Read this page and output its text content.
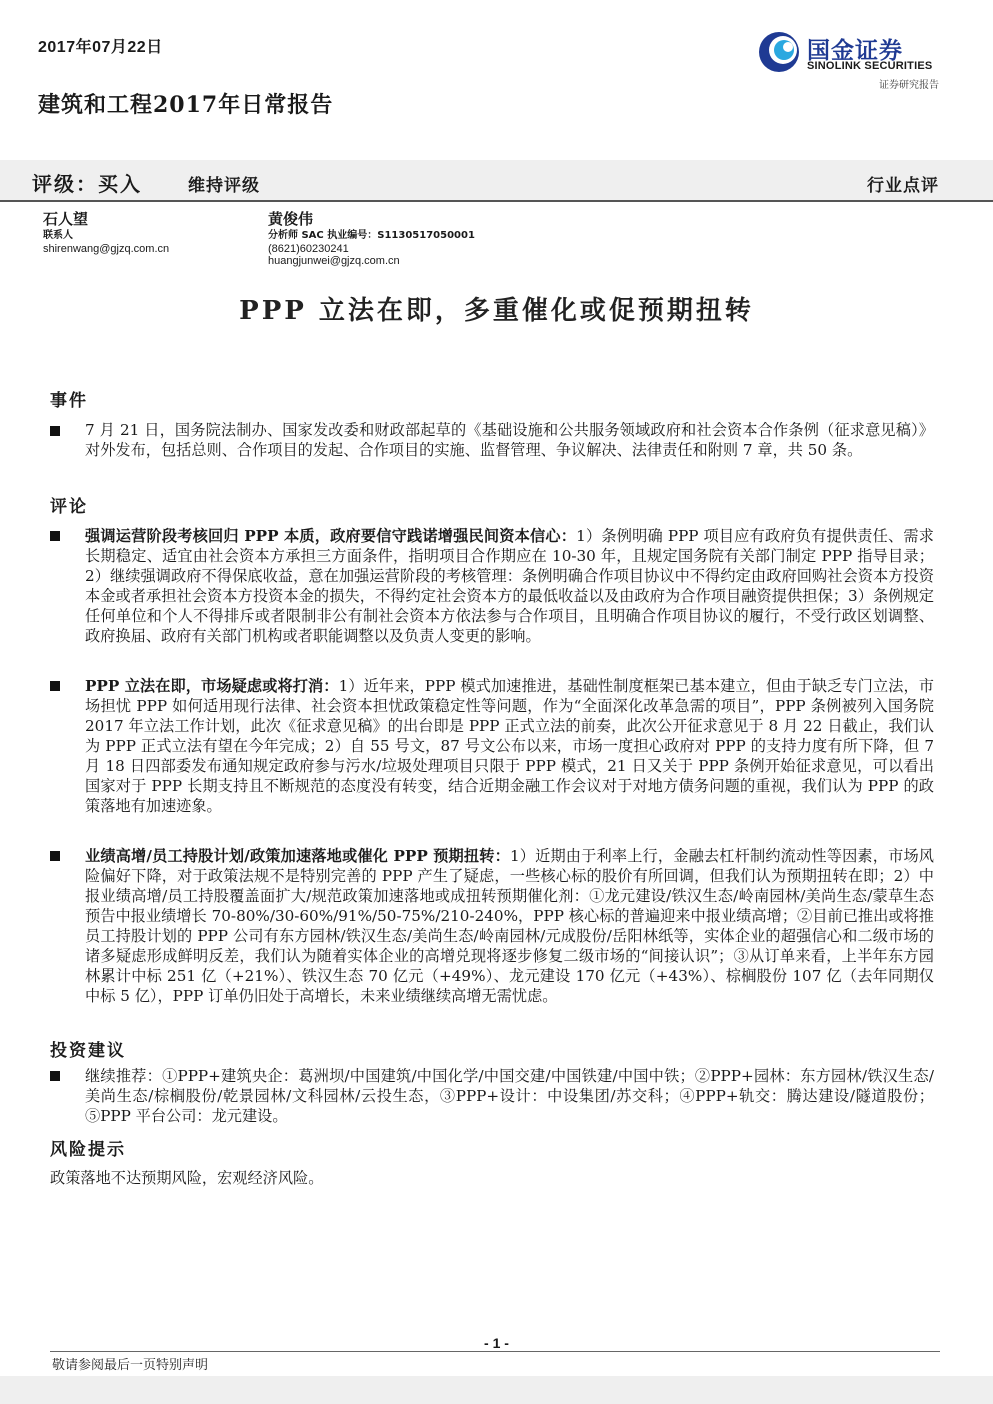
2017年07月22日
建筑和工程2017年日常报告
国金证券
SINOLINK SECURITIES
证券研究报告
评级：买入	维持评级	行业点评
石人望
联系人
shirenwang@gjzq.com.cn
黄俊伟
分析师 SAC 执业编号：S1130517050001
(8621)60230241
huangjunwei@gjzq.com.cn
PPP 立法在即，多重催化或促预期扭转
事件
7 月 21 日，国务院法制办、国家发改委和财政部起草的《基础设施和公共服务领域政府和社会资本合作条例（征求意见稿）》对外发布，包括总则、合作项目的发起、合作项目的实施、监督管理、争议解决、法律责任和附则 7 章，共 50 条。
评论
强调运营阶段考核回归 PPP 本质，政府要信守践诺增强民间资本信心：1）条例明确 PPP 项目应有政府负有提供责任、需求长期稳定、适宜由社会资本方承担三方面条件，指明项目合作期应在 10-30 年，且规定国务院有关部门制定 PPP 指导目录；2）继续强调政府不得保底收益，意在加强运营阶段的考核管理：条例明确合作项目协议中不得约定由政府回购社会资本方投资本金或者承担社会资本方投资本金的损失，不得约定社会资本方的最低收益以及由政府为合作项目融资提供担保；3）条例规定任何单位和个人不得排斥或者限制非公有制社会资本方依法参与合作项目，且明确合作项目协议的履行，不受行政区划调整、政府换届、政府有关部门机构或者职能调整以及负责人变更的影响。
PPP 立法在即，市场疑虑或将打消：1）近年来，PPP 模式加速推进，基础性制度框架已基本建立，但由于缺乏专门立法，市场担忧 PPP 如何适用现行法律、社会资本担忧政策稳定性等问题，作为“全面深化改革急需的项目”，PPP 条例被列入国务院 2017 年立法工作计划，此次《征求意见稿》的出台即是 PPP 正式立法的前奏，此次公开征求意见于 8 月 22 日截止，我们认为 PPP 正式立法有望在今年完成；2）自 55 号文，87 号文公布以来，市场一度担心政府对 PPP 的支持力度有所下降，但 7 月 18 日四部委发布通知规定政府参与污水/垃圾处理项目只限于 PPP 模式，21 日又关于 PPP 条例开始征求意见，可以看出国家对于 PPP 长期支持且不断规范的态度没有转变，结合近期金融工作会议对于对地方债务问题的重视，我们认为 PPP 的政策落地有加速迹象。
业绩高增/员工持股计划/政策加速落地或催化 PPP 预期扭转：1）近期由于利率上行，金融去杠杆制约流动性等因素，市场风险偏好下降，对于政策法规不是特别完善的 PPP 产生了疑虑，一些核心标的股价有所回调，但我们认为预期扭转在即；2）中报业绩高增/员工持股覆盖面扩大/规范政策加速落地或成扭转预期催化剂：①龙元建设/铁汉生态/岭南园林/美尚生态/蒙草生态预告中报业绩增长 70-80%/30-60%/91%/50-75%/210-240%，PPP 核心标的普遍迎来中报业绩高增；②目前已推出或将推员工持股计划的 PPP 公司有东方园林/铁汉生态/美尚生态/岭南园林/元成股份/岳阳林纸等，实体企业的超强信心和二级市场的诸多疑虑形成鲜明反差，我们认为随着实体企业的高增兑现将逐步修复二级市场的“间接认识”；③从订单来看，上半年东方园林累计中标 251 亿（+21%）、铁汉生态 70 亿元（+49%）、龙元建设 170 亿元（+43%）、棕榈股份 107 亿（去年同期仅中标 5 亿），PPP 订单仍旧处于高增长，未来业绩继续高增无需忧虑。
投资建议
继续推荐：①PPP+建筑央企：葛洲坝/中国建筑/中国化学/中国交建/中国铁建/中国中铁；②PPP+园林：东方园林/铁汉生态/美尚生态/棕榈股份/乾景园林/文科园林/云投生态，③PPP+设计：中设集团/苏交科；④PPP+轨交：腾达建设/隧道股份；⑤PPP 平台公司：龙元建设。
风险提示
政策落地不达预期风险，宏观经济风险。
- 1 -
敬请参阅最后一页特别声明
